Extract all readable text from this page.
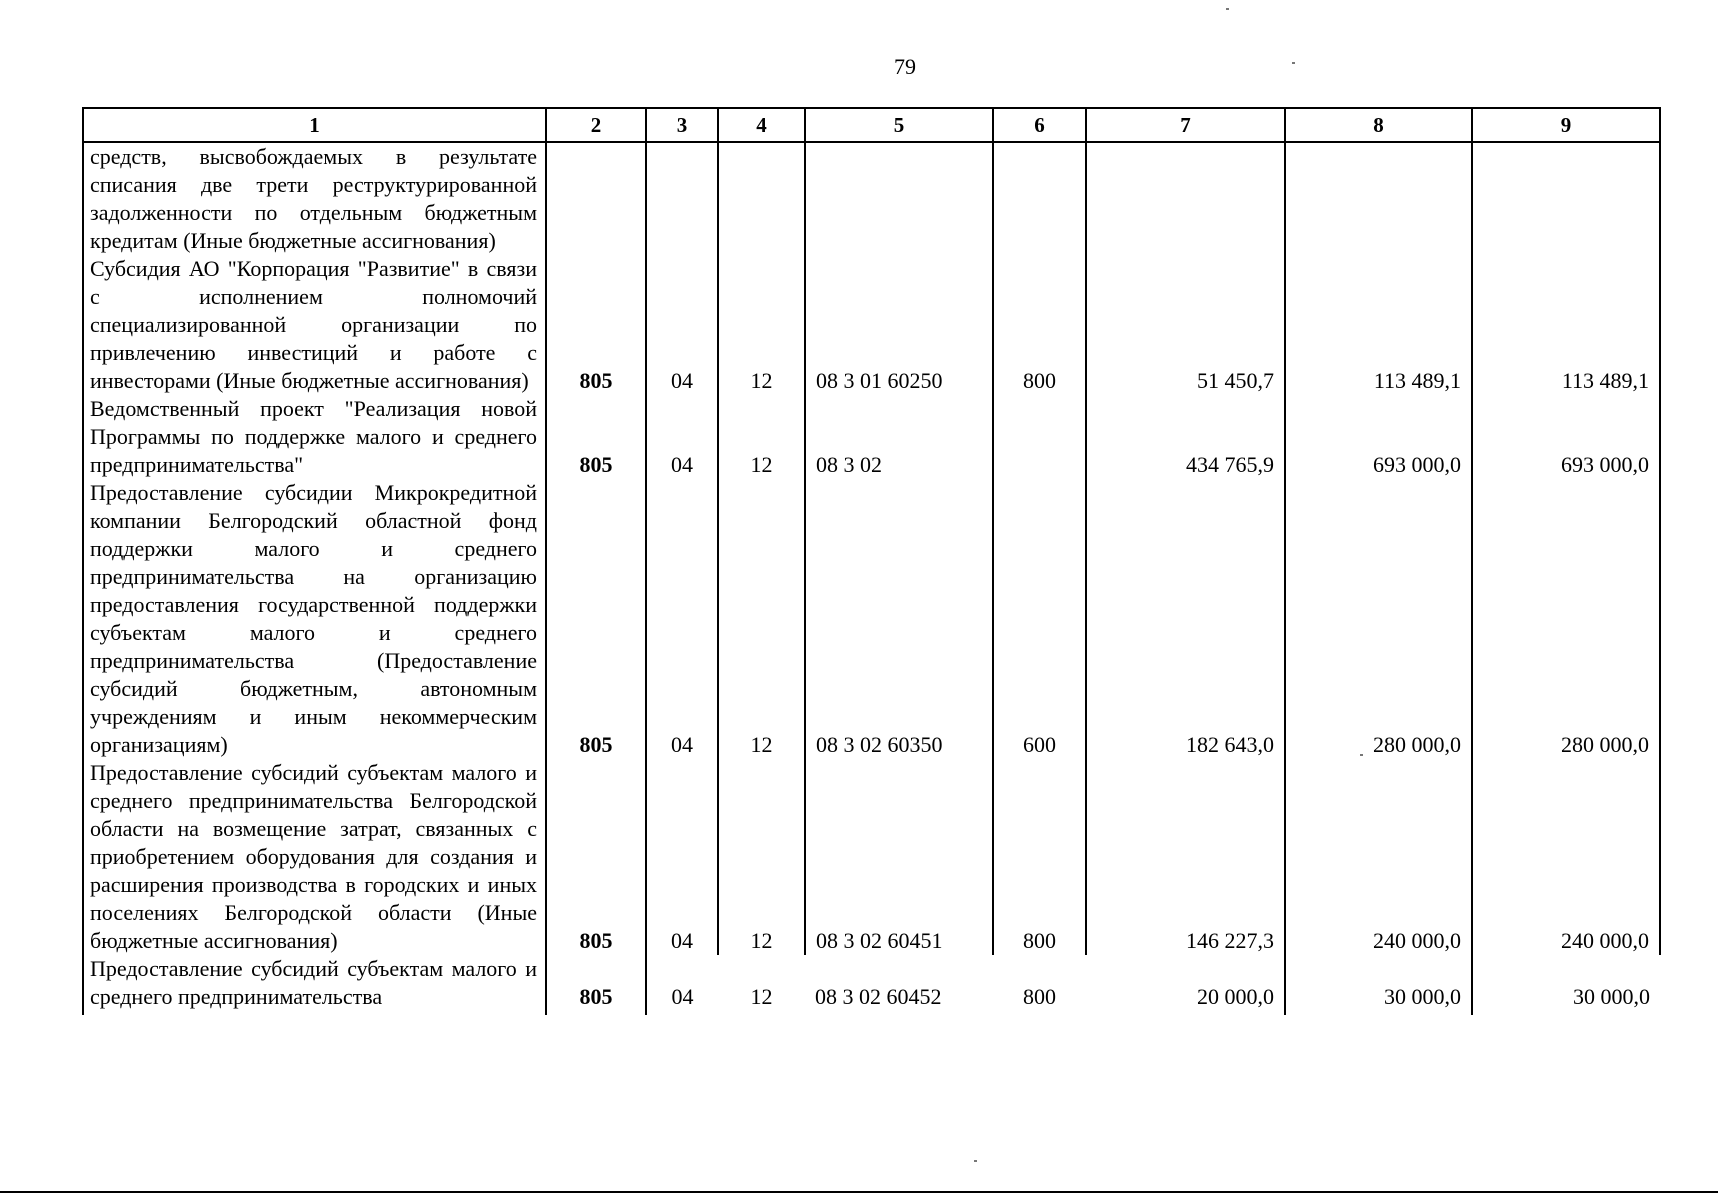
79
1	2	3	4	5	6	7	8	9
средств, высвобождаемых в результате списания две трети реструктурированной задолженности по отдельным бюджетным кредитам (Иные бюджетные ассигнования)								
Субсидия АО "Корпорация "Развитие" в связи с исполнением полномочий специализированной организации по привлечению инвестиций и работе с инвесторами (Иные бюджетные ассигнования)	805	04	12	08 3 01 60250	800	51 450,7	113 489,1	113 489,1
Ведомственный проект "Реализация новой Программы по поддержке малого и среднего предпринимательства"	805	04	12	08 3 02		434 765,9	693 000,0	693 000,0
Предоставление субсидии Микрокредитной компании Белгородский областной фонд поддержки малого и среднего предпринимательства на организацию предоставления государственной поддержки субъектам малого и среднего предпринимательства (Предоставление субсидий бюджетным, автономным учреждениям и иным некоммерческим организациям)	805	04	12	08 3 02 60350	600	182 643,0	280 000,0	280 000,0
Предоставление субсидий субъектам малого и среднего предпринимательства Белгородской области на возмещение затрат, связанных с приобретением оборудования для создания и расширения производства в городских и иных поселениях Белгородской области (Иные бюджетные ассигнования)	805	04	12	08 3 02 60451	800	146 227,3	240 000,0	240 000,0
Предоставление субсидий субъектам малого и среднего предпринимательства	805	04	12	08 3 02 60452	800	20 000,0	30 000,0	30 000,0
